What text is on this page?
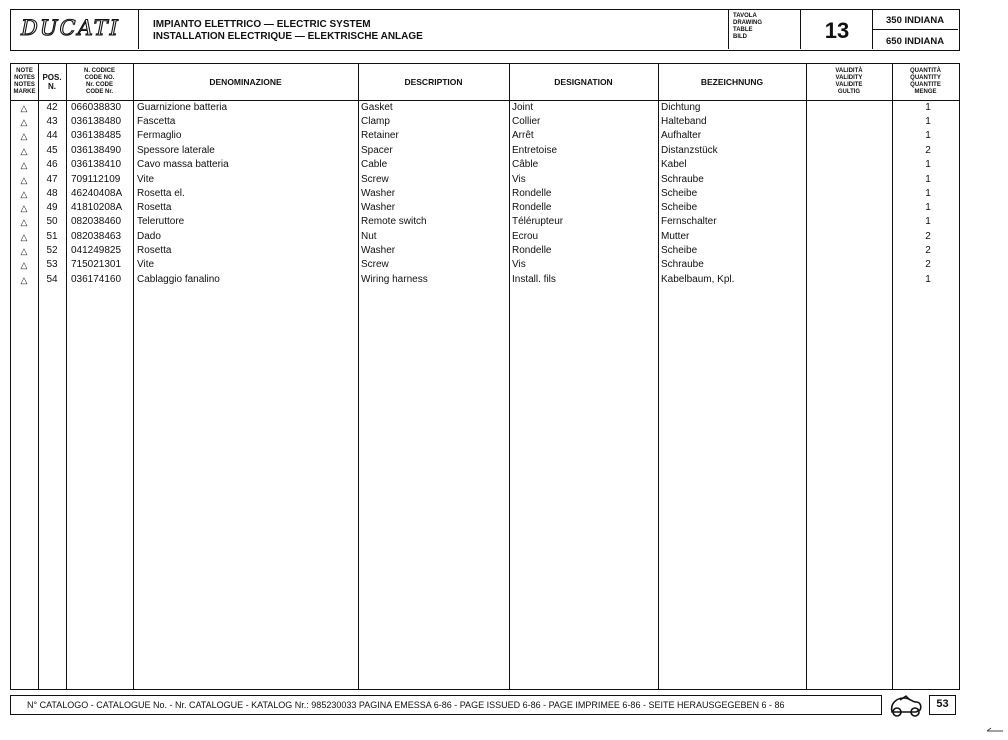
DUCATI	IMPIANTO ELETTRICO — ELECTRIC SYSTEM
INSTALLATION ELECTRIQUE — ELEKTRISCHE ANLAGE
TAVOLA
DRAWING
TABLE
BILD	13	350 INDIANA
650 INDIANA
NOTE
NOTES
NOTES
MARKE
POS.
N.
N. CODICE
CODE NO.
Nr. CODE
CODE Nr.
DENOMINAZIONE	DESCRIPTION	DESIGNATION	BEZEICHNUNG
VALIDITÀ
VALIDITY
VALIDITE
GULTIG
QUANTITÀ
QUANTITY
QUANTITE
MENGE
△	42	066038830 Guarnizione batteria	Gasket	Joint	Dichtung	1
△	43	036138480 Fascetta	Clamp	Collier	Halteband	1
△	44	036138485 Fermaglio	Retainer	Arrêt	Aufhalter	1
△	45	036138490 Spessore laterale	Spacer	Entretoise	Distanzstück	2
△	46	036138410 Cavo massa batteria	Cable	Câble	Kabel	1
△	47	709112109 Vite	Screw	Vis	Schraube	1
△	48	46240408A Rosetta el.	Washer	Rondelle	Scheibe	1
△	49	41810208A Rosetta	Washer	Rondelle	Scheibe	1
△	50	082038460 Teleruttore	Remote switch	Télérupteur	Fernschalter	1
△	51	082038463 Dado	Nut	Ecrou	Mutter	2
△	52	041249825 Rosetta	Washer	Rondelle	Scheibe	2
△	53	715021301 Vite	Screw	Vis	Schraube	2
△	54	036174160 Cablaggio fanalino	Wiring harness	Install. fils	Kabelbaum, Kpl.	1
N° CATALOGO - CATALOGUE No. - Nr. CATALOGUE - KATALOG Nr.: 985230033 PAGINA EMESSA 6-86 - PAGE ISSUED 6-86 - PAGE IMPRIMEE 6-86 - SEITE HERAUSGEGEBEN 6 - 86	53
